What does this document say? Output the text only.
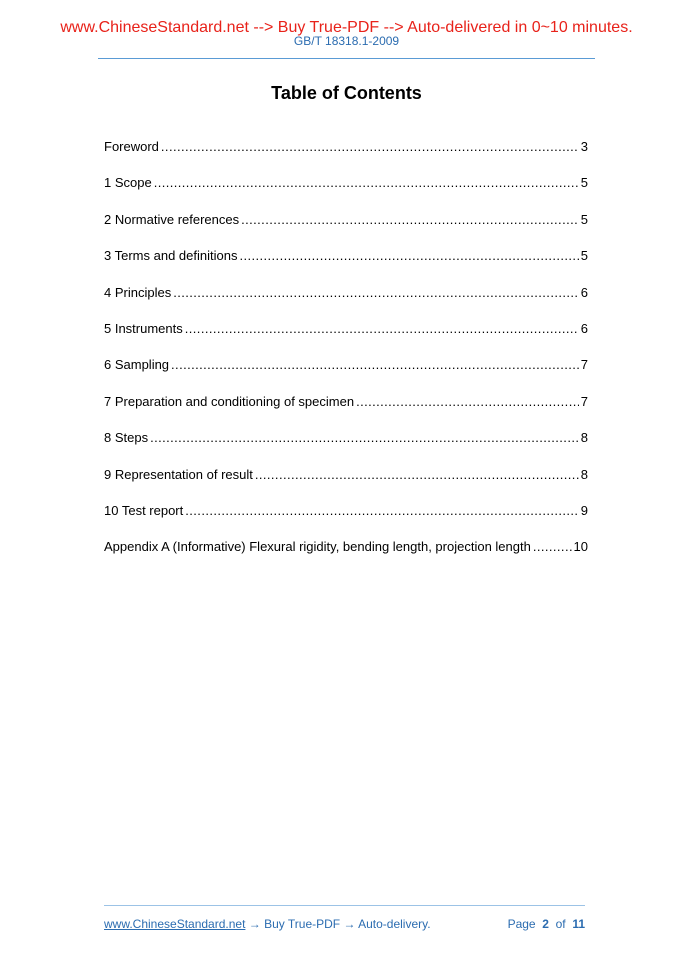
www.ChineseStandard.net --> Buy True-PDF --> Auto-delivered in 0~10 minutes.
GB/T 18318.1-2009
Table of Contents
Foreword .....	3
1 Scope .....	5
2 Normative references .....	5
3 Terms and definitions .....	5
4 Principles .....	6
5 Instruments .....	6
6 Sampling .....	7
7 Preparation and conditioning of specimen .....	7
8 Steps .....	8
9 Representation of result .....	8
10 Test report .....	9
Appendix A (Informative) Flexural rigidity, bending length, projection length .....	10
www.ChineseStandard.net → Buy True-PDF → Auto-delivery.	Page 2 of 11
